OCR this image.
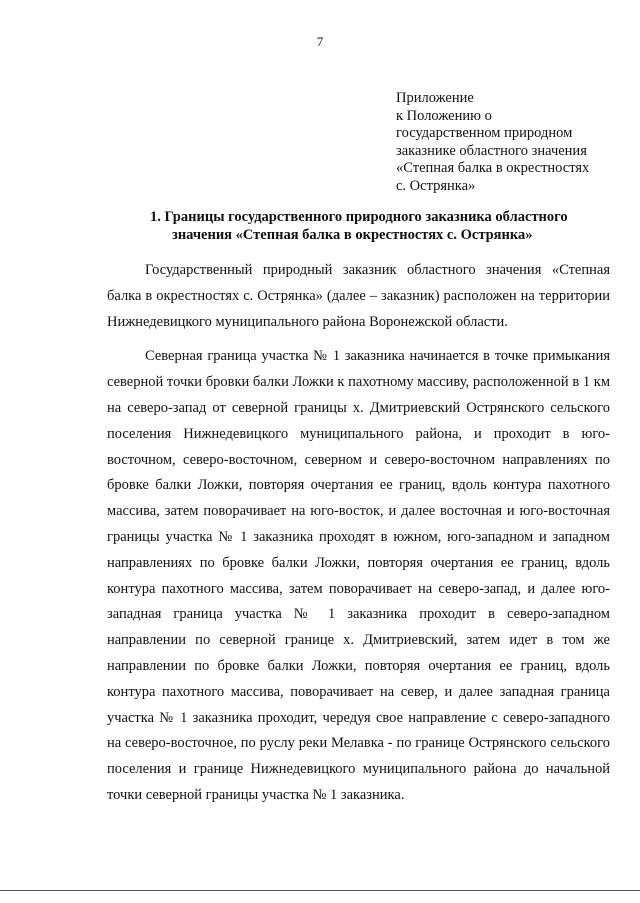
7
Приложение
к Положению о
государственном природном
заказнике областного значения
«Степная балка в окрестностях
с. Острянка»
1. Границы государственного природного заказника областного
значения «Степная балка в окрестностях с. Острянка»

Государственный природный заказник областного значения «Степная балка в окрестностях с. Острянка» (далее – заказник) расположен на территории Нижнедевицкого муниципального района Воронежской области.

Северная граница участка № 1 заказника начинается в точке примыкания северной точки бровки балки Ложки к пахотному массиву, расположенной в 1 км на северо-запад от северной границы х. Дмитриевский Острянского сельского поселения Нижнедевицкого муниципального района, и проходит в юго-восточном, северо-восточном, северном и северо-восточном направлениях по бровке балки Ложки, повторяя очертания ее границ, вдоль контура пахотного массива, затем поворачивает на юго-восток, и далее восточная и юго-восточная границы участка № 1 заказника проходят в южном, юго-западном и западном направлениях по бровке балки Ложки, повторяя очертания ее границ, вдоль контура пахотного массива, затем поворачивает на северо-запад, и далее юго-западная граница участка № 1 заказника проходит в северо-западном направлении по северной границе х. Дмитриевский, затем идет в том же направлении по бровке балки Ложки, повторяя очертания ее границ, вдоль контура пахотного массива, поворачивает на север, и далее западная граница участка № 1 заказника проходит, чередуя свое направление с северо-западного на северо-восточное, по руслу реки Мелавка - по границе Острянского сельского поселения и границе Нижнедевицкого муниципального района до начальной точки северной границы участка № 1 заказника.
